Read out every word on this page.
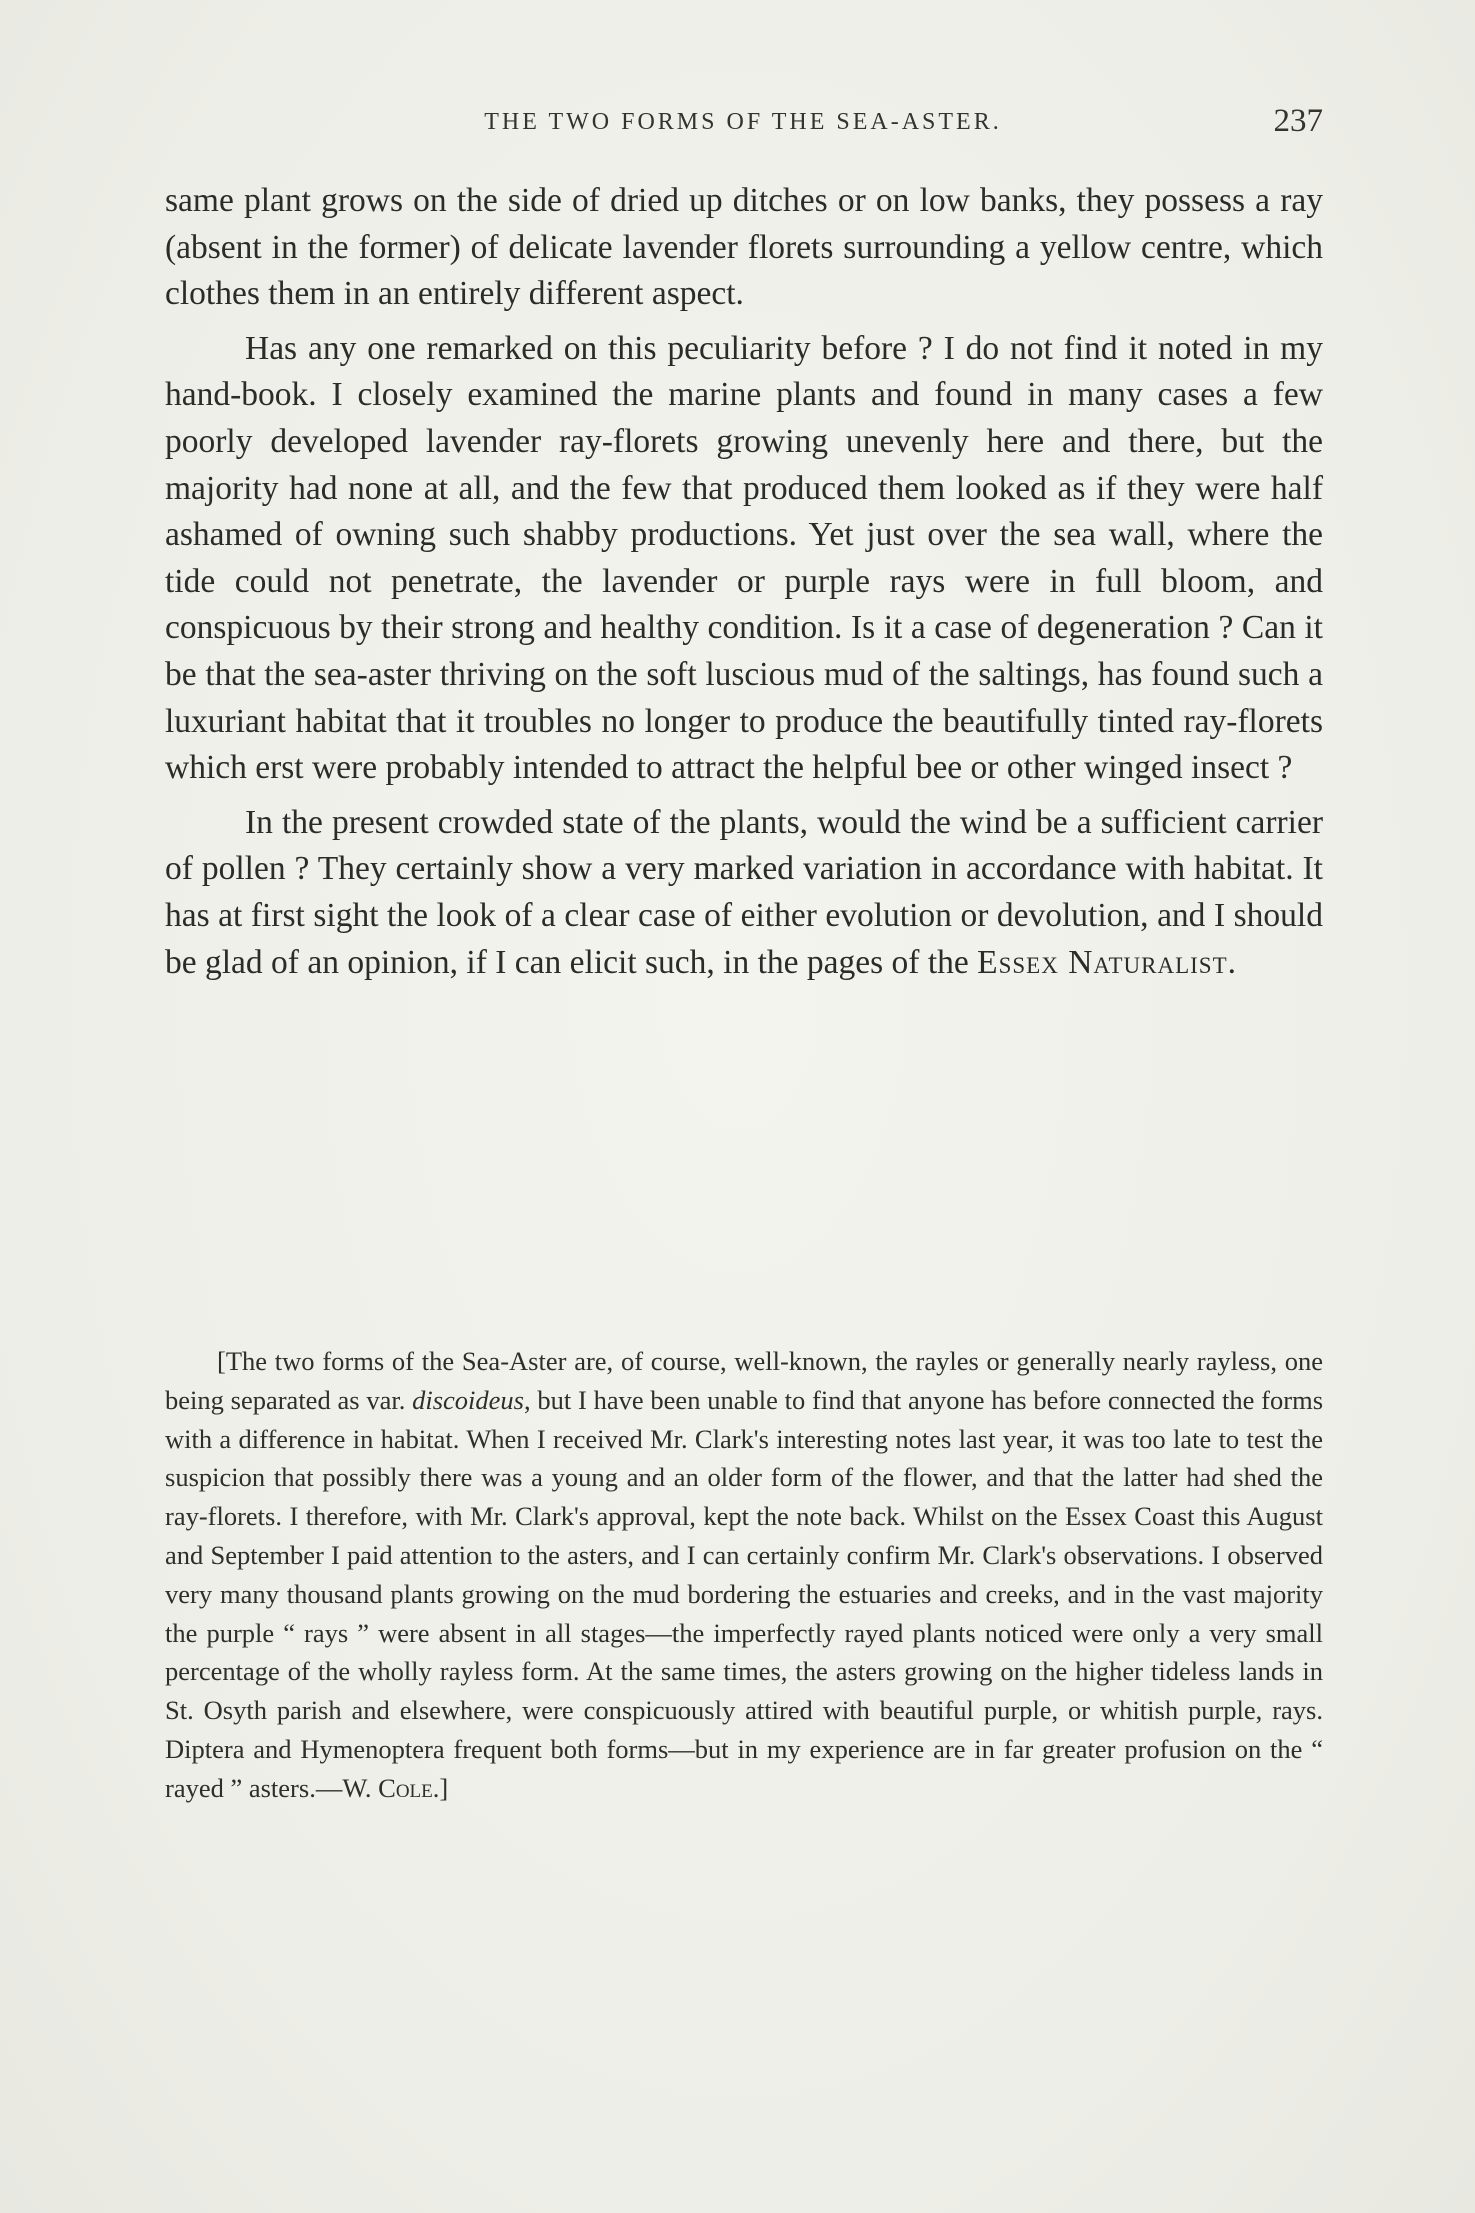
THE TWO FORMS OF THE SEA-ASTER.	237

same plant grows on the side of dried up ditches or on low banks, they possess a ray (absent in the former) of delicate lavender florets surrounding a yellow centre, which clothes them in an entirely different aspect.

Has any one remarked on this peculiarity before ? I do not find it noted in my hand-book. I closely examined the marine plants and found in many cases a few poorly developed lavender ray-florets growing unevenly here and there, but the majority had none at all, and the few that produced them looked as if they were half ashamed of owning such shabby productions. Yet just over the sea wall, where the tide could not penetrate, the lavender or purple rays were in full bloom, and conspicuous by their strong and healthy condition. Is it a case of degeneration ? Can it be that the sea-aster thriving on the soft luscious mud of the saltings, has found such a luxuriant habitat that it troubles no longer to produce the beautifully tinted ray-florets which erst were probably intended to attract the helpful bee or other winged insect ?

In the present crowded state of the plants, would the wind be a sufficient carrier of pollen ? They certainly show a very marked variation in accordance with habitat. It has at first sight the look of a clear case of either evolution or devolution, and I should be glad of an opinion, if I can elicit such, in the pages of the Essex Naturalist.

[The two forms of the Sea-Aster are, of course, well-known, the rayles or generally nearly rayless, one being separated as var. discoideus, but I have been unable to find that anyone has before connected the forms with a difference in habitat. When I received Mr. Clark's interesting notes last year, it was too late to test the suspicion that possibly there was a young and an older form of the flower, and that the latter had shed the ray-florets. I therefore, with Mr. Clark's approval, kept the note back. Whilst on the Essex Coast this August and September I paid attention to the asters, and I can certainly confirm Mr. Clark's observations. I observed very many thousand plants growing on the mud bordering the estuaries and creeks, and in the vast majority the purple “ rays ” were absent in all stages—the imperfectly rayed plants noticed were only a very small percentage of the wholly rayless form. At the same times, the asters growing on the higher tideless lands in St. Osyth parish and elsewhere, were conspicuously attired with beautiful purple, or whitish purple, rays. Diptera and Hymenoptera frequent both forms—but in my experience are in far greater profusion on the “ rayed ” asters.—W. Cole.]
